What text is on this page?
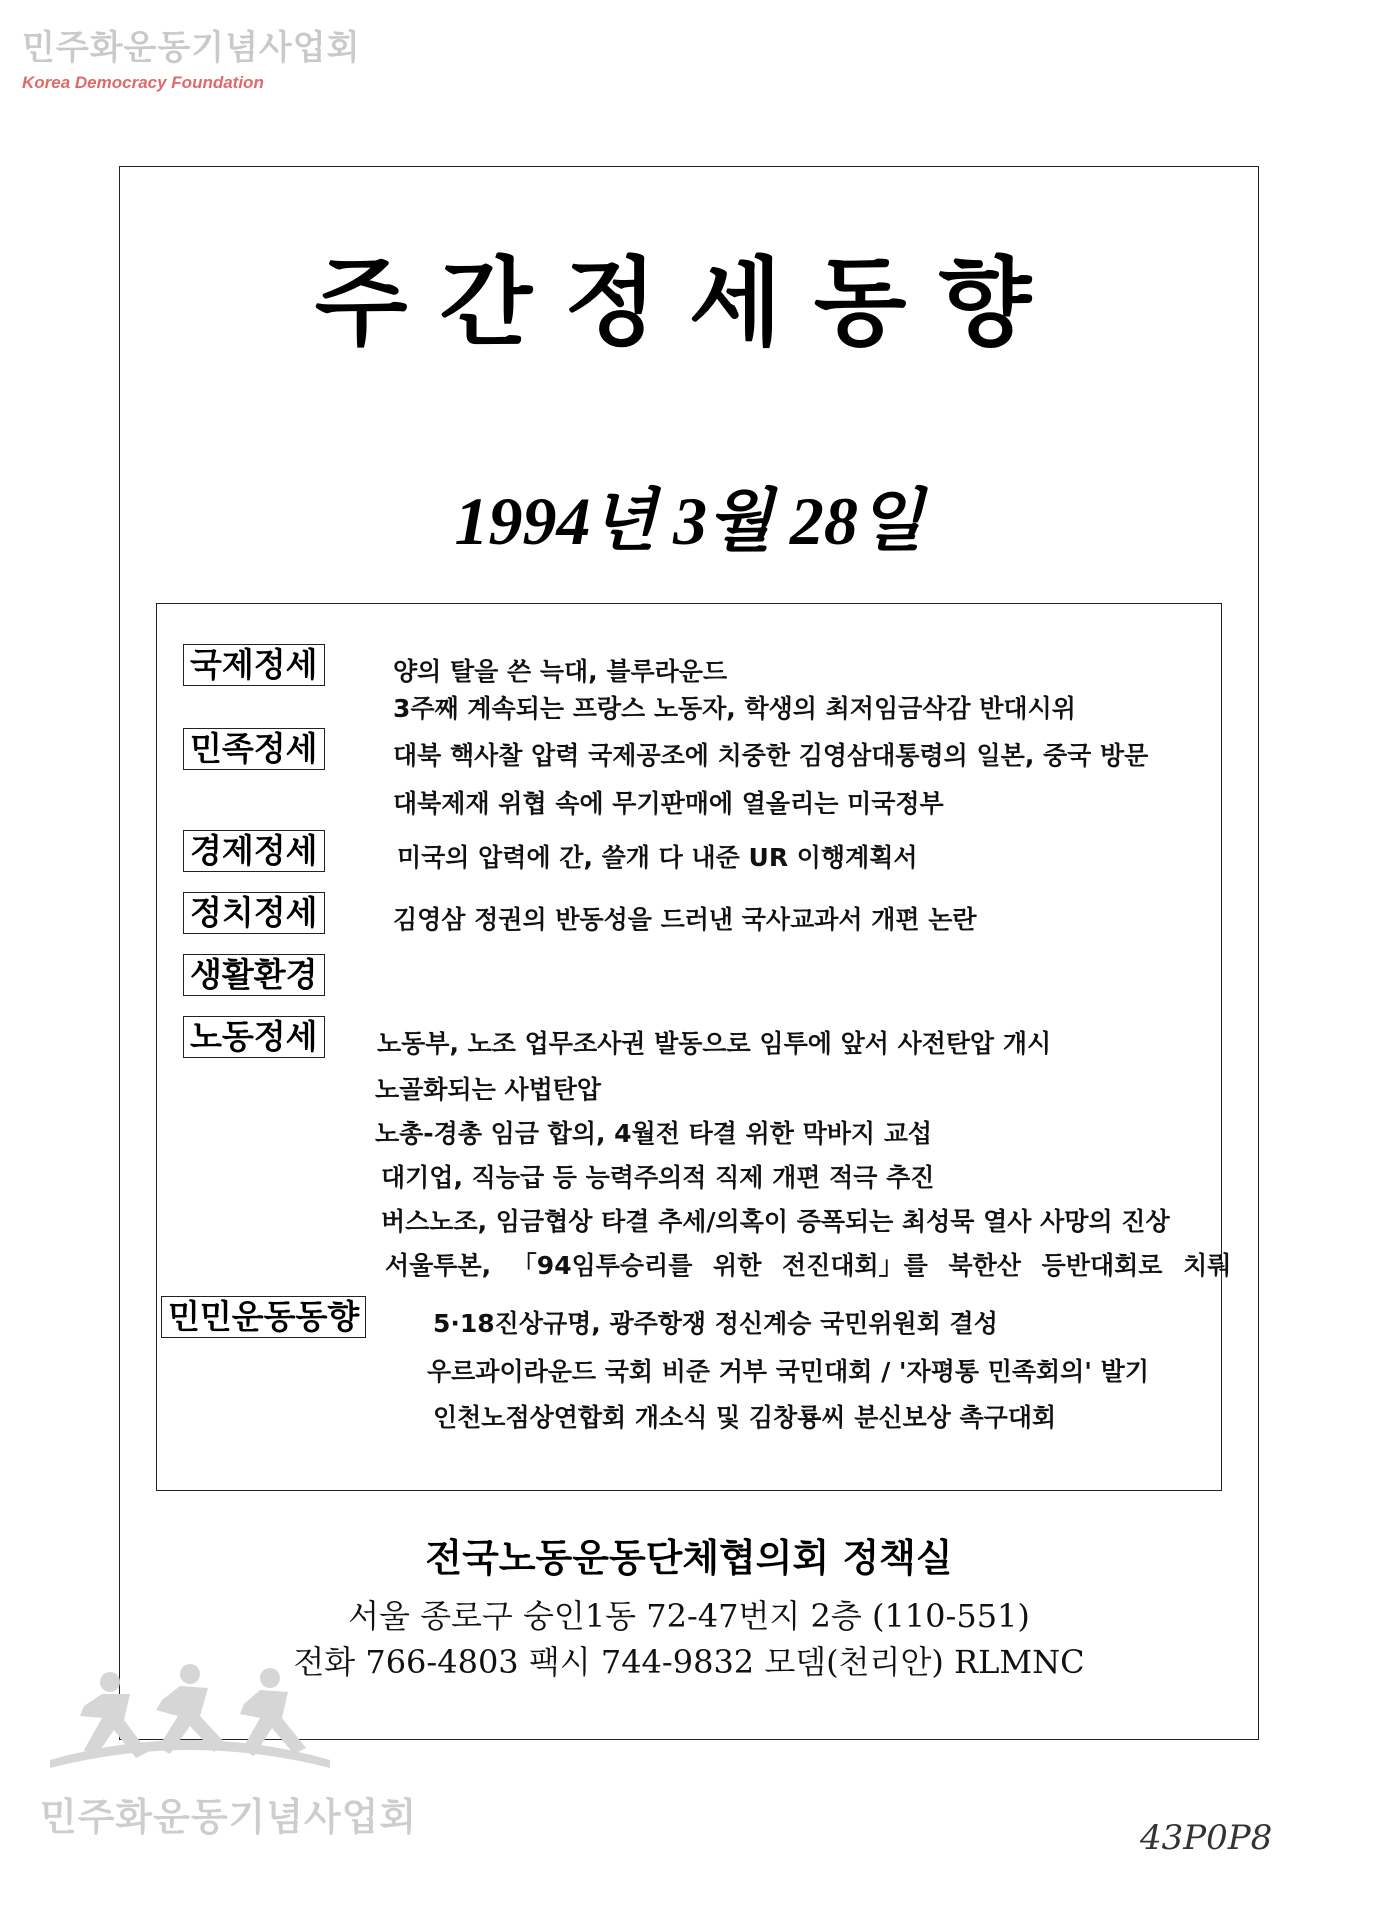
민주화운동기념사업회
Korea Democracy Foundation
주간정세동향
1994년 3월 28일
국제정세	양의 탈을 쓴 늑대, 블루라운드
3주째 계속되는 프랑스 노동자, 학생의 최저임금삭감 반대시위
민족정세	대북 핵사찰 압력 국제공조에 치중한 김영삼대통령의 일본, 중국 방문
대북제재 위협 속에 무기판매에 열올리는 미국정부
경제정세	미국의 압력에 간, 쓸개 다 내준 UR 이행계획서
정치정세	김영삼 정권의 반동성을 드러낸 국사교과서 개편 논란
생활환경
노동정세 노동부, 노조 업무조사권 발동으로 임투에 앞서 사전탄압 개시
노골화되는 사법탄압
노총-경총 임금 합의, 4월전 타결 위한 막바지 교섭
대기업, 직능급 등 능력주의적 직제 개편 적극 추진
버스노조, 임금협상 타결 추세/의혹이 증폭되는 최성묵 열사 사망의 진상
서울투본, 「94임투승리를 위한 전진대회」를 북한산 등반대회로 치뤄
민민운동동향	5·18진상규명, 광주항쟁 정신계승 국민위원회 결성
우르과이라운드 국회 비준 거부 국민대회 / '자평통 민족회의' 발기
인천노점상연합회 개소식 및 김창룡씨 분신보상 촉구대회
전국노동운동단체협의회 정책실
서울 종로구 숭인1동 72-47번지 2층 (110-551)
전화 766-4803 팩시 744-9832 모뎀(천리안) RLMNC
민주화운동기념사업회	43P0P8
